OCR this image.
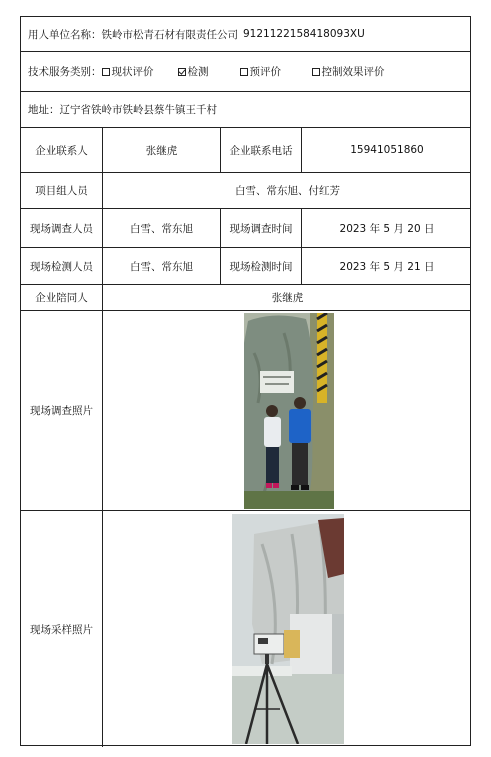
用人单位名称： 铁岭市松青石材有限责任公司 9121122158418093XU
技术服务类别： 现状评价	检测	预评价	控制效果评价
地址： 辽宁省铁岭市铁岭县蔡牛镇王千村
企业联系人	张继虎	企业联系电话	15941051860
项目组人员	白雪、常东旭、付红芳
现场调查人员	白雪、常东旭	现场调查时间	2023 年 5 月 20 日
现场检测人员	白雪、常东旭	现场检测时间	2023 年 5 月 21 日
企业陪同人	张继虎
现场调查照片
现场采样照片
